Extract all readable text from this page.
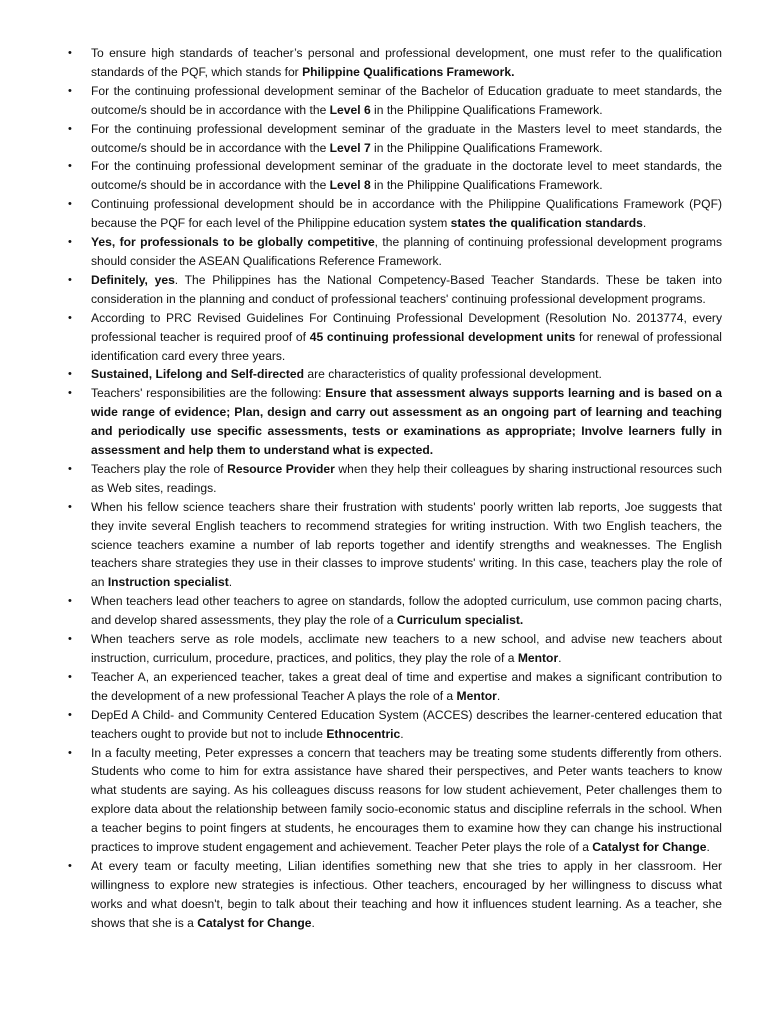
• To ensure high standards of teacher’s personal and professional development, one must refer to the qualification standards of the PQF, which stands for Philippine Qualifications Framework.
• For the continuing professional development seminar of the Bachelor of Education graduate to meet standards, the outcome/s should be in accordance with the Level 6 in the Philippine Qualifications Framework.
• For the continuing professional development seminar of the graduate in the Masters level to meet standards, the outcome/s should be in accordance with the Level 7 in the Philippine Qualifications Framework.
• For the continuing professional development seminar of the graduate in the doctorate level to meet standards, the outcome/s should be in accordance with the Level 8 in the Philippine Qualifications Framework.
• Continuing professional development should be in accordance with the Philippine Qualifications Framework (PQF) because the PQF for each level of the Philippine education system states the qualification standards.
• Yes, for professionals to be globally competitive, the planning of continuing professional development programs should consider the ASEAN Qualifications Reference Framework.
• Definitely, yes. The Philippines has the National Competency-Based Teacher Standards. These be taken into consideration in the planning and conduct of professional teachers' continuing professional development programs.
• According to PRC Revised Guidelines For Continuing Professional Development (Resolution No. 2013774, every professional teacher is required proof of 45 continuing professional development units for renewal of professional identification card every three years.
• Sustained, Lifelong and Self-directed are characteristics of quality professional development.
• Teachers' responsibilities are the following: Ensure that assessment always supports learning and is based on a wide range of evidence; Plan, design and carry out assessment as an ongoing part of learning and teaching and periodically use specific assessments, tests or examinations as appropriate; Involve learners fully in assessment and help them to understand what is expected.
• Teachers play the role of Resource Provider when they help their colleagues by sharing instructional resources such as Web sites, readings.
• When his fellow science teachers share their frustration with students' poorly written lab reports, Joe suggests that they invite several English teachers to recommend strategies for writing instruction. With two English teachers, the science teachers examine a number of lab reports together and identify strengths and weaknesses. The English teachers share strategies they use in their classes to improve students' writing. In this case, teachers play the role of an Instruction specialist.
• When teachers lead other teachers to agree on standards, follow the adopted curriculum, use common pacing charts, and develop shared assessments, they play the role of a Curriculum specialist.
• When teachers serve as role models, acclimate new teachers to a new school, and advise new teachers about instruction, curriculum, procedure, practices, and politics, they play the role of a Mentor.
• Teacher A, an experienced teacher, takes a great deal of time and expertise and makes a significant contribution to the development of a new professional Teacher A plays the role of a Mentor.
• DepEd A Child- and Community Centered Education System (ACCES) describes the learner-centered education that teachers ought to provide but not to include Ethnocentric.
• In a faculty meeting, Peter expresses a concern that teachers may be treating some students differently from others. Students who come to him for extra assistance have shared their perspectives, and Peter wants teachers to know what students are saying. As his colleagues discuss reasons for low student achievement, Peter challenges them to explore data about the relationship between family socio-economic status and discipline referrals in the school. When a teacher begins to point fingers at students, he encourages them to examine how they can change his instructional practices to improve student engagement and achievement. Teacher Peter plays the role of a Catalyst for Change.
• At every team or faculty meeting, Lilian identifies something new that she tries to apply in her classroom. Her willingness to explore new strategies is infectious. Other teachers, encouraged by her willingness to discuss what works and what doesn't, begin to talk about their teaching and how it influences student learning. As a teacher, she shows that she is a Catalyst for Change.
